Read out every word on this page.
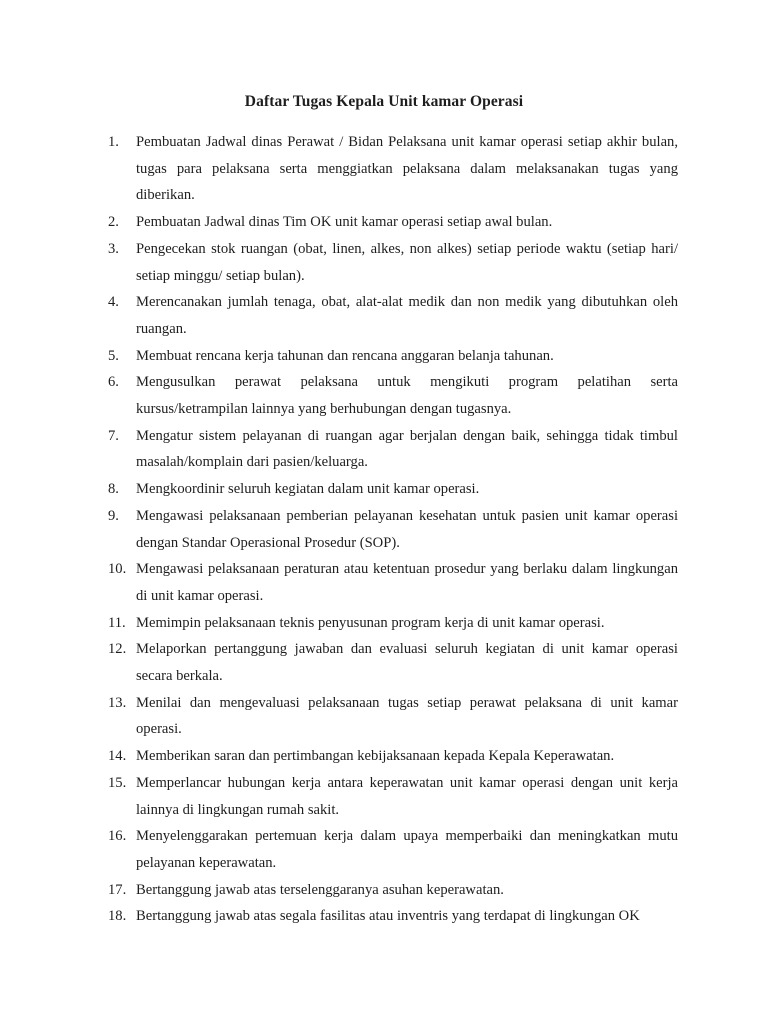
Daftar Tugas Kepala Unit kamar Operasi
1. Pembuatan Jadwal dinas Perawat / Bidan Pelaksana unit kamar operasi setiap akhir bulan, tugas para pelaksana serta menggiatkan pelaksana dalam melaksanakan tugas yang diberikan.
2. Pembuatan Jadwal dinas Tim OK unit kamar operasi setiap awal bulan.
3. Pengecekan stok ruangan (obat, linen, alkes, non alkes) setiap periode waktu (setiap hari/ setiap minggu/ setiap bulan).
4. Merencanakan jumlah tenaga, obat, alat-alat medik dan non medik yang dibutuhkan oleh ruangan.
5. Membuat rencana kerja tahunan dan rencana anggaran belanja tahunan.
6. Mengusulkan perawat pelaksana untuk mengikuti program pelatihan serta kursus/ketrampilan lainnya yang berhubungan dengan tugasnya.
7. Mengatur sistem pelayanan di ruangan agar berjalan dengan baik, sehingga tidak timbul masalah/komplain dari pasien/keluarga.
8. Mengkoordinir seluruh kegiatan dalam unit kamar operasi.
9. Mengawasi pelaksanaan pemberian pelayanan kesehatan untuk pasien unit kamar operasi dengan Standar Operasional Prosedur (SOP).
10. Mengawasi pelaksanaan peraturan atau ketentuan prosedur yang berlaku dalam lingkungan di unit kamar operasi.
11. Memimpin pelaksanaan teknis penyusunan program kerja di unit kamar operasi.
12. Melaporkan pertanggung jawaban dan evaluasi seluruh kegiatan di unit kamar operasi secara berkala.
13. Menilai dan mengevaluasi pelaksanaan tugas setiap perawat pelaksana di unit kamar operasi.
14. Memberikan saran dan pertimbangan kebijaksanaan kepada Kepala Keperawatan.
15. Memperlancar hubungan kerja antara keperawatan unit kamar operasi dengan unit kerja lainnya di lingkungan rumah sakit.
16. Menyelenggarakan pertemuan kerja dalam upaya memperbaiki dan meningkatkan mutu pelayanan keperawatan.
17. Bertanggung jawab atas terselenggaranya asuhan keperawatan.
18. Bertanggung jawab atas segala fasilitas atau inventris yang terdapat di lingkungan OK
